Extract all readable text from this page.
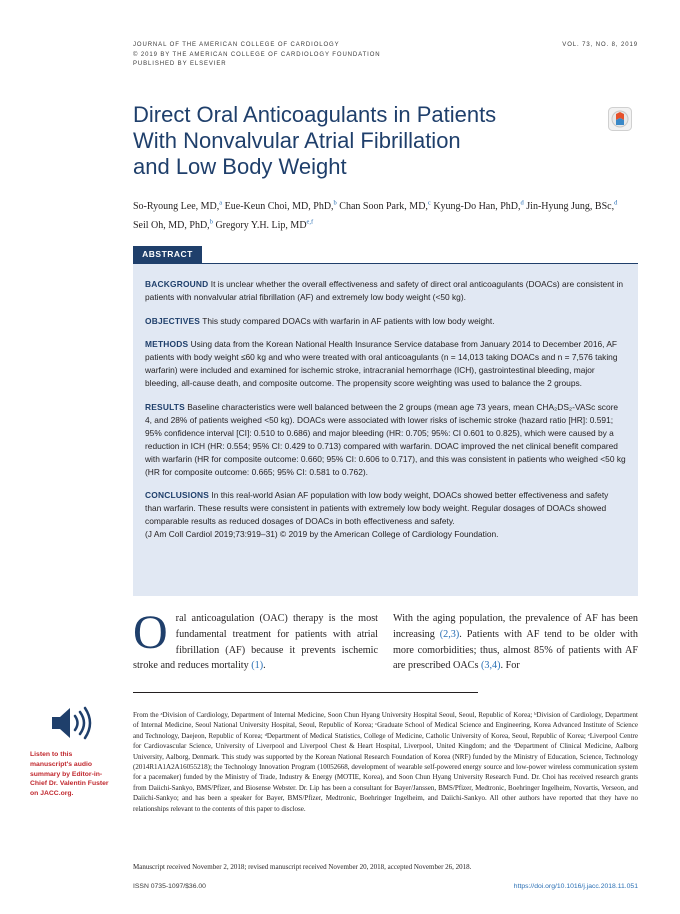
JOURNAL OF THE AMERICAN COLLEGE OF CARDIOLOGY	VOL. 73, NO. 8, 2019
© 2019 BY THE AMERICAN COLLEGE OF CARDIOLOGY FOUNDATION
PUBLISHED BY ELSEVIER
Direct Oral Anticoagulants in Patients
With Nonvalvular Atrial Fibrillation
and Low Body Weight
So-Ryoung Lee, MD,$^a$ Eue-Keun Choi, MD, PhD,$^b$ Chan Soon Park, MD,$^c$ Kyung-Do Han, PhD,$^d$ Jin-Hyung Jung, BSc,$^d$
Seil Oh, MD, PhD,$^b$ Gregory Y.H. Lip, MD$^{e,f}$
ABSTRACT

BACKGROUND It is unclear whether the overall effectiveness and safety of direct oral anticoagulants (DOACs) are consistent in patients with nonvalvular atrial fibrillation (AF) and extremely low body weight (<50 kg).

OBJECTIVES This study compared DOACs with warfarin in AF patients with low body weight.

METHODS Using data from the Korean National Health Insurance Service database from January 2014 to December 2016, AF patients with body weight ≤60 kg and who were treated with oral anticoagulants (n = 14,013 taking DOACs and n = 7,576 taking warfarin) were included and examined for ischemic stroke, intracranial hemorrhage (ICH), gastrointestinal bleeding, major bleeding, all-cause death, and composite outcome. The propensity score weighting was used to balance the 2 groups.

RESULTS Baseline characteristics were well balanced between the 2 groups (mean age 73 years, mean CHA₂DS₂-VASc score 4, and 28% of patients weighed <50 kg). DOACs were associated with lower risks of ischemic stroke (hazard ratio [HR]: 0.591; 95% confidence interval [CI]: 0.510 to 0.686) and major bleeding (HR: 0.705; 95%: CI 0.601 to 0.825), which were caused by a reduction in ICH (HR: 0.554; 95% CI: 0.429 to 0.713) compared with warfarin. DOAC improved the net clinical benefit compared with warfarin (HR for composite outcome: 0.660; 95% CI: 0.606 to 0.717), and this was consistent in patients who weighed <50 kg (HR for composite outcome: 0.665; 95% CI: 0.581 to 0.762).

CONCLUSIONS In this real-world Asian AF population with low body weight, DOACs showed better effectiveness and safety than warfarin. These results were consistent in patients with extremely low body weight. Regular dosages of DOACs showed comparable results as reduced dosages of DOACs in both effectiveness and safety.
(J Am Coll Cardiol 2019;73:919–31) © 2019 by the American College of Cardiology Foundation.

Oral anticoagulation (OAC) therapy is the most fundamental treatment for patients with atrial fibrillation (AF) because it prevents ischemic stroke and reduces mortality (1).
With the aging population, the prevalence of AF has been increasing (2,3). Patients with AF tend to be older with more comorbidities; thus, almost 85% of patients with AF are prescribed OACs (3,4). For
Listen to this manuscript's audio summary by Editor-in-Chief Dr. Valentin Fuster on JACC.org.
From the ᵃDivision of Cardiology, Department of Internal Medicine, Soon Chun Hyang University Hospital Seoul, Seoul, Republic of Korea; ᵇDivision of Cardiology, Department of Internal Medicine, Seoul National University Hospital, Seoul, Republic of Korea; ᶜGraduate School of Medical Science and Engineering, Korea Advanced Institute of Science and Technology, Daejeon, Republic of Korea; ᵈDepartment of Medical Statistics, College of Medicine, Catholic University of Korea, Seoul, Republic of Korea; ᵉLiverpool Centre for Cardiovascular Science, University of Liverpool and Liverpool Chest & Heart Hospital, Liverpool, United Kingdom; and the ᶠDepartment of Clinical Medicine, Aalborg University, Aalborg, Denmark. This study was supported by the Korean National Research Foundation of Korea (NRF) funded by the Ministry of Education, Science, Technology (2014R1A1A2A16055218); the Technology Innovation Program (10052668, development of wearable self-powered energy source and low-power wireless communication system for a pacemaker) funded by the Ministry of Trade, Industry & Energy (MOTIE, Korea), and Soon Chun Hyang University Research Fund. Dr. Choi has received research grants from Daiichi-Sankyo, BMS/Pfizer, and Biosense Webster. Dr. Lip has been a consultant for Bayer/Janssen, BMS/Pfizer, Medtronic, Boehringer Ingelheim, Novartis, Verseon, and Daiichi-Sankyo; and has been a speaker for Bayer, BMS/Pfizer, Medtronic, Boehringer Ingelheim, and Daiichi-Sankyo. All other authors have reported that they have no relationships relevant to the contents of this paper to disclose.
Manuscript received November 2, 2018; revised manuscript received November 20, 2018, accepted November 26, 2018.
ISSN 0735-1097/$36.00	https://doi.org/10.1016/j.jacc.2018.11.051
